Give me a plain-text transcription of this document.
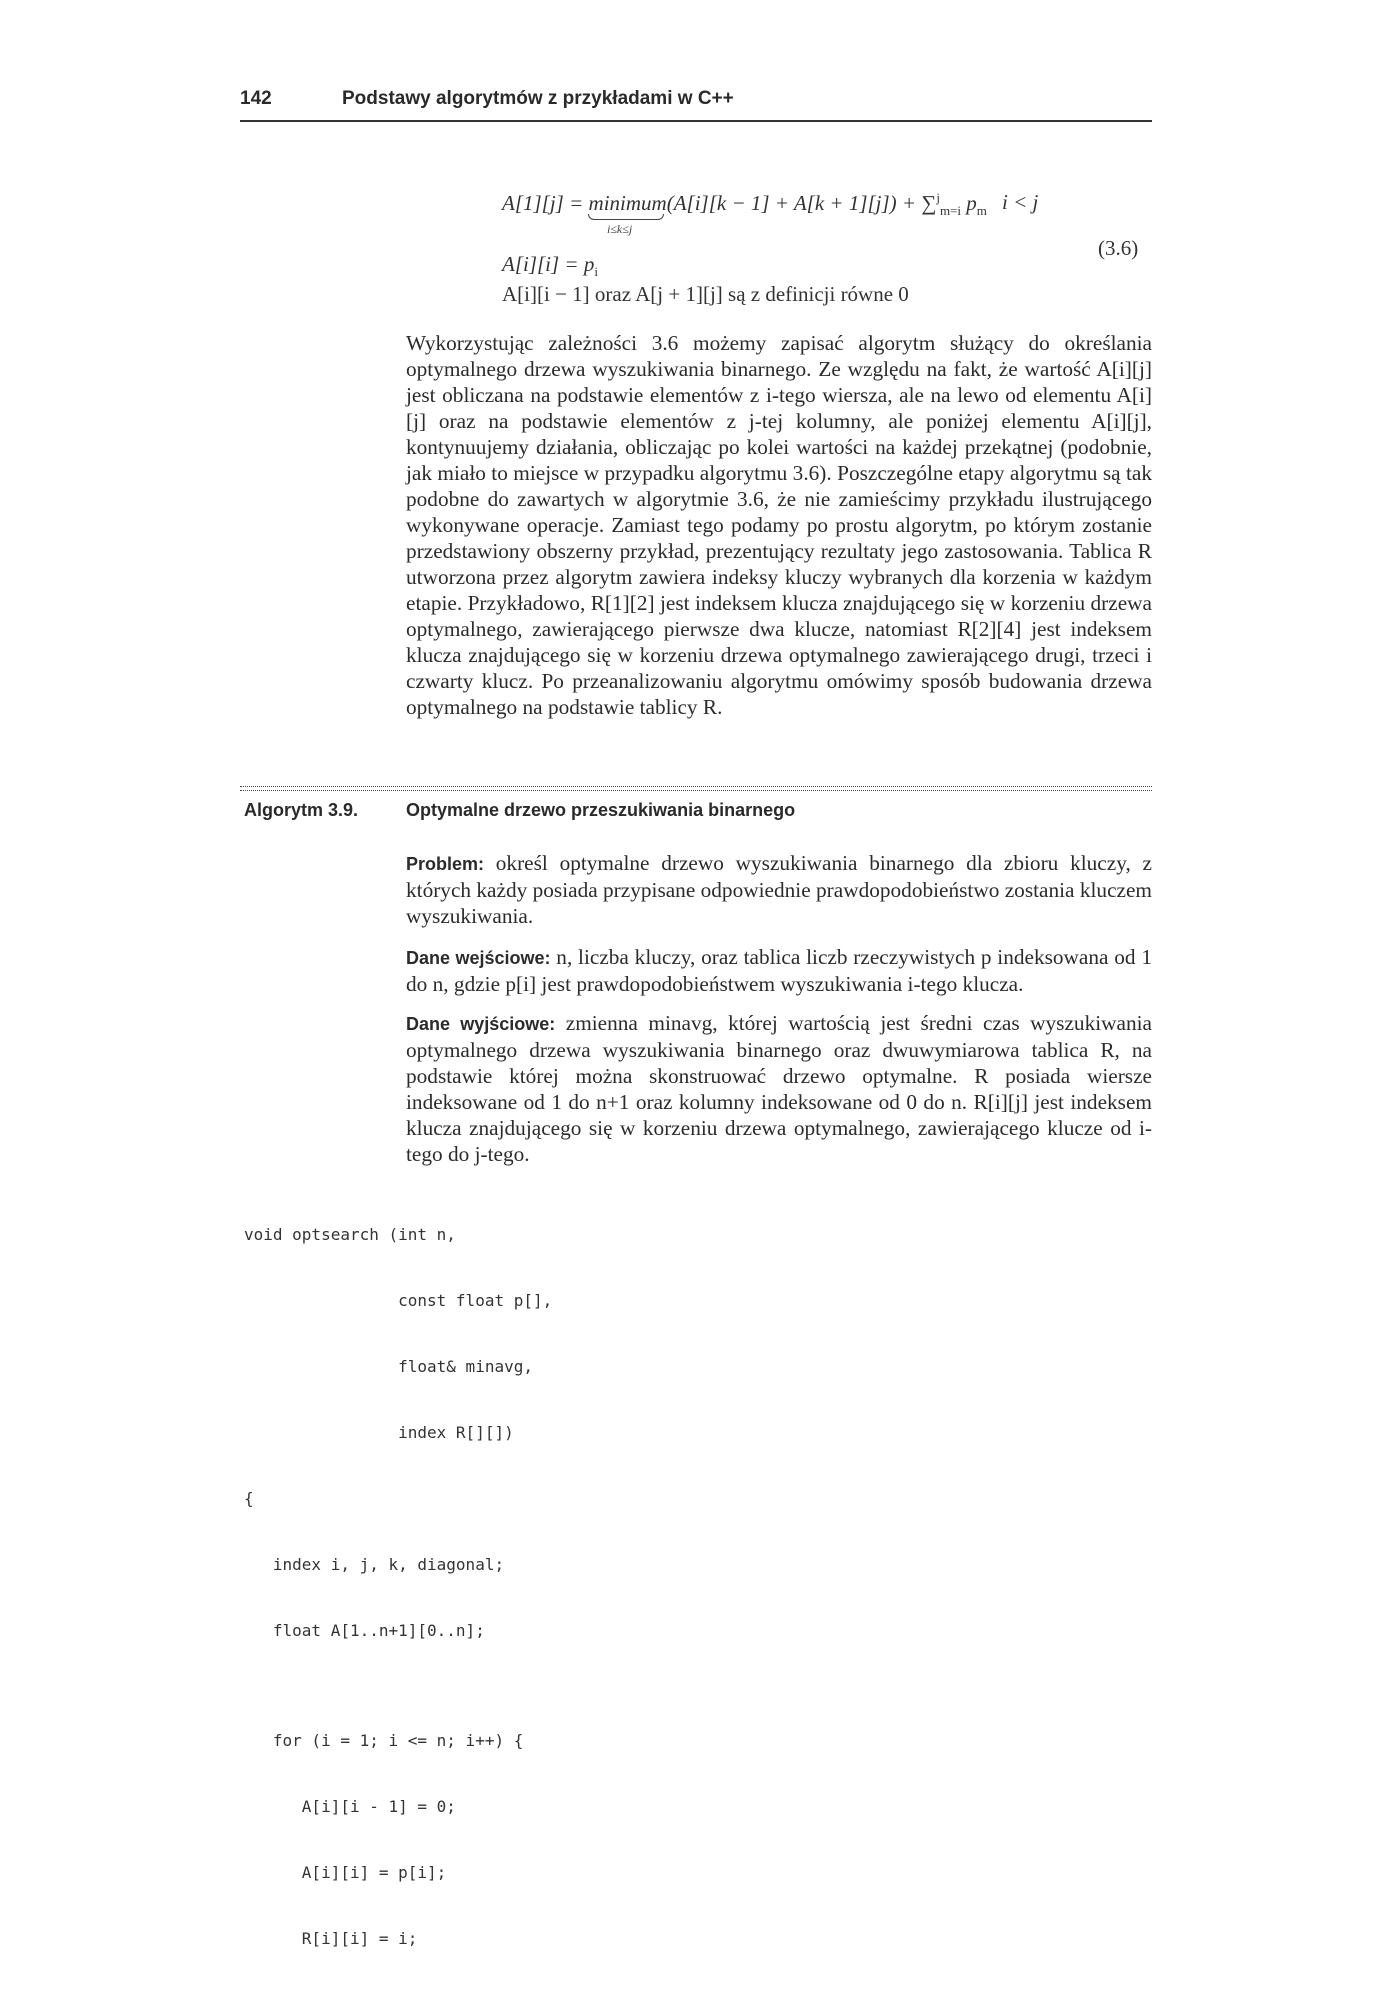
142	Podstawy algorytmów z przykładami w C++
A[1][j] = minimum(A[i][k − 1] + A[k + 1][j]) + ∑$^j_{m=i}$ $p_m$ i < j
i≤k≤j
$A[i][i] = p_i$
A[i][i − 1] oraz A[j + 1][j] są z definicji równe 0
(3.6)

Wykorzystując zależności 3.6 możemy zapisać algorytm służący do określania optymalnego drzewa wyszukiwania binarnego. Ze względu na fakt, że wartość A[i][j] jest obliczana na podstawie elementów z i-tego wiersza, ale na lewo od elementu A[i][j] oraz na podstawie elementów z j-tej kolumny, ale poniżej elementu A[i][j], kontynuujemy działania, obliczając po kolei wartości na każdej przekątnej (podobnie, jak miało to miejsce w przypadku algorytmu 3.6). Poszczególne etapy algorytmu są tak podobne do zawartych w algorytmie 3.6, że nie zamieścimy przykładu ilustrującego wykonywane operacje. Zamiast tego podamy po prostu algorytm, po którym zostanie przedstawiony obszerny przykład, prezentujący rezultaty jego zastosowania. Tablica R utworzona przez algorytm zawiera indeksy kluczy wybranych dla korzenia w każdym etapie. Przykładowo, R[1][2] jest indeksem klucza znajdującego się w korzeniu drzewa optymalnego, zawierającego pierwsze dwa klucze, natomiast R[2][4] jest indeksem klucza znajdującego się w korzeniu drzewa optymalnego zawierającego drugi, trzeci i czwarty klucz. Po przeanalizowaniu algorytmu omówimy sposób budowania drzewa optymalnego na podstawie tablicy R.

Algorytm 3.9.	Optymalne drzewo przeszukiwania binarnego

Problem: określ optymalne drzewo wyszukiwania binarnego dla zbioru kluczy, z których każdy posiada przypisane odpowiednie prawdopodobieństwo zostania kluczem wyszukiwania.

Dane wejściowe: n, liczba kluczy, oraz tablica liczb rzeczywistych p indeksowana od 1 do n, gdzie p[i] jest prawdopodobieństwem wyszukiwania i-tego klucza.

Dane wyjściowe: zmienna minavg, której wartością jest średni czas wyszukiwania optymalnego drzewa wyszukiwania binarnego oraz dwuwymiarowa tablica R, na podstawie której można skonstruować drzewo optymalne. R posiada wiersze indeksowane od 1 do n+1 oraz kolumny indeksowane od 0 do n. R[i][j] jest indeksem klucza znajdującego się w korzeniu drzewa optymalnego, zawierającego klucze od i-tego do j-tego.

void optsearch (int n,

const float p[],

float& minavg,

index R[][])

{

index i, j, k, diagonal;

float A[1..n+1][0..n];

for (i = 1; i <= n; i++) {

A[i][i - 1] = 0;

A[i][i] = p[i];

R[i][i] = i;
